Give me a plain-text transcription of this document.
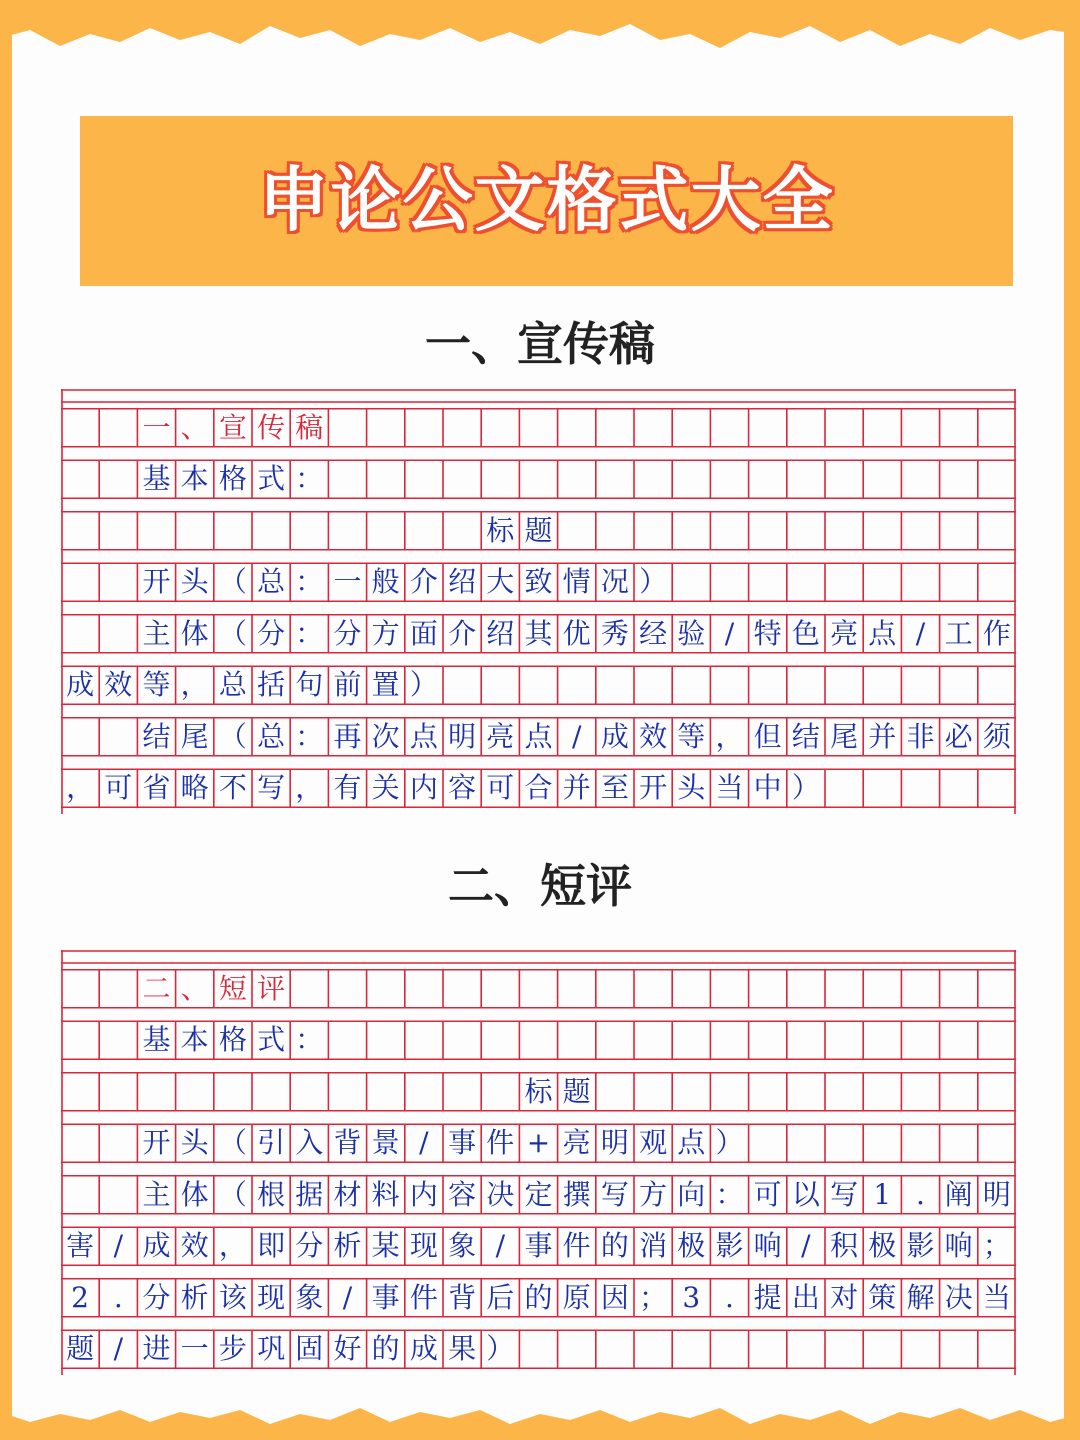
申论公文格式大全
一、宣传稿
一 、 宣 传 稿
基 本 格 式 ：
标 题
开 头 （ 总 ： 一 般 介 绍 大 致 情 况 ）
主 体 （ 分 ： 分 方 面 介 绍 其 优 秀 经 验 / 特 色 亮 点 / 工 作
成 效 等 ， 总 括 句 前 置 ）
结 尾 （ 总 ： 再 次 点 明 亮 点 / 成 效 等 ， 但 结 尾 并 非 必 须
， 可 省 略 不 写 ， 有 关 内 容 可 合 并 至 开 头 当 中 ）
二、短评
二 、 短 评
基 本 格 式 ：
标 题
开 头 （ 引 入 背 景 / 事 件 + 亮 明 观 点 ）
主 体 （ 根 据 材 料 内 容 决 定 撰 写 方 向 ： 可 以 写 1 . 阐 明
害 / 成 效 ， 即 分 析 某 现 象 / 事 件 的 消 极 影 响 / 积 极 影 响 ；
2 . 分 析 该 现 象 / 事 件 背 后 的 原 因 ； 3 . 提 出 对 策 解 决 当
题 / 进 一 步 巩 固 好 的 成 果 ）
